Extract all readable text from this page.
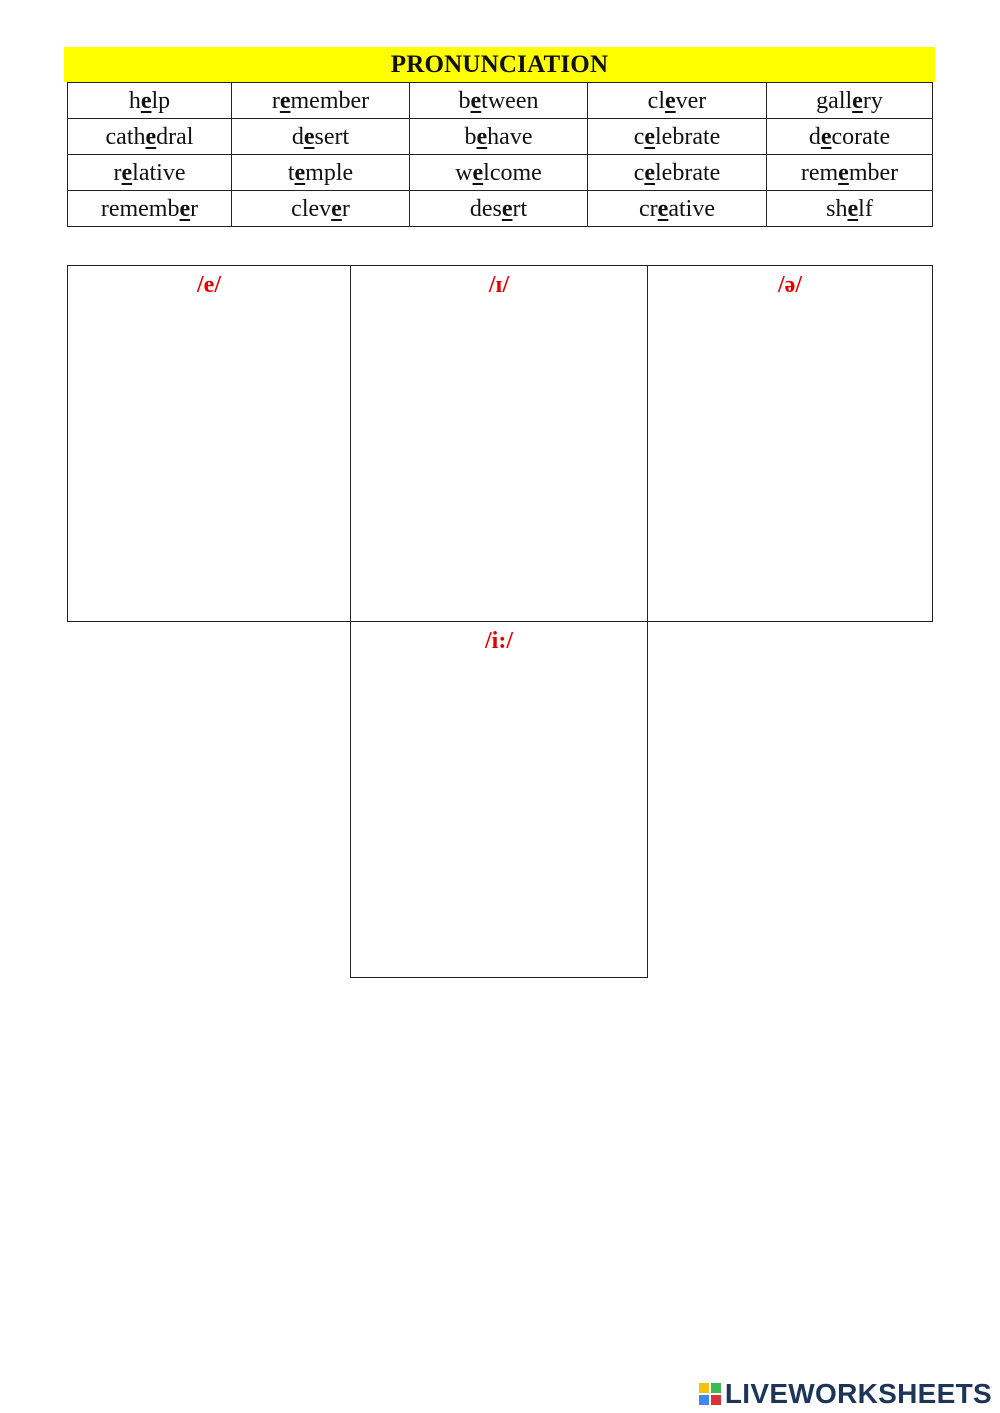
PRONUNCIATION
help	remember	between	clever	gallery
cathedral	desert	behave	celebrate	decorate
relative	temple	welcome	celebrate	remember
remember	clever	desert	creative	shelf
/e/	/ɪ/	/ə/
/i:/
LIVEWORKSHEETS
